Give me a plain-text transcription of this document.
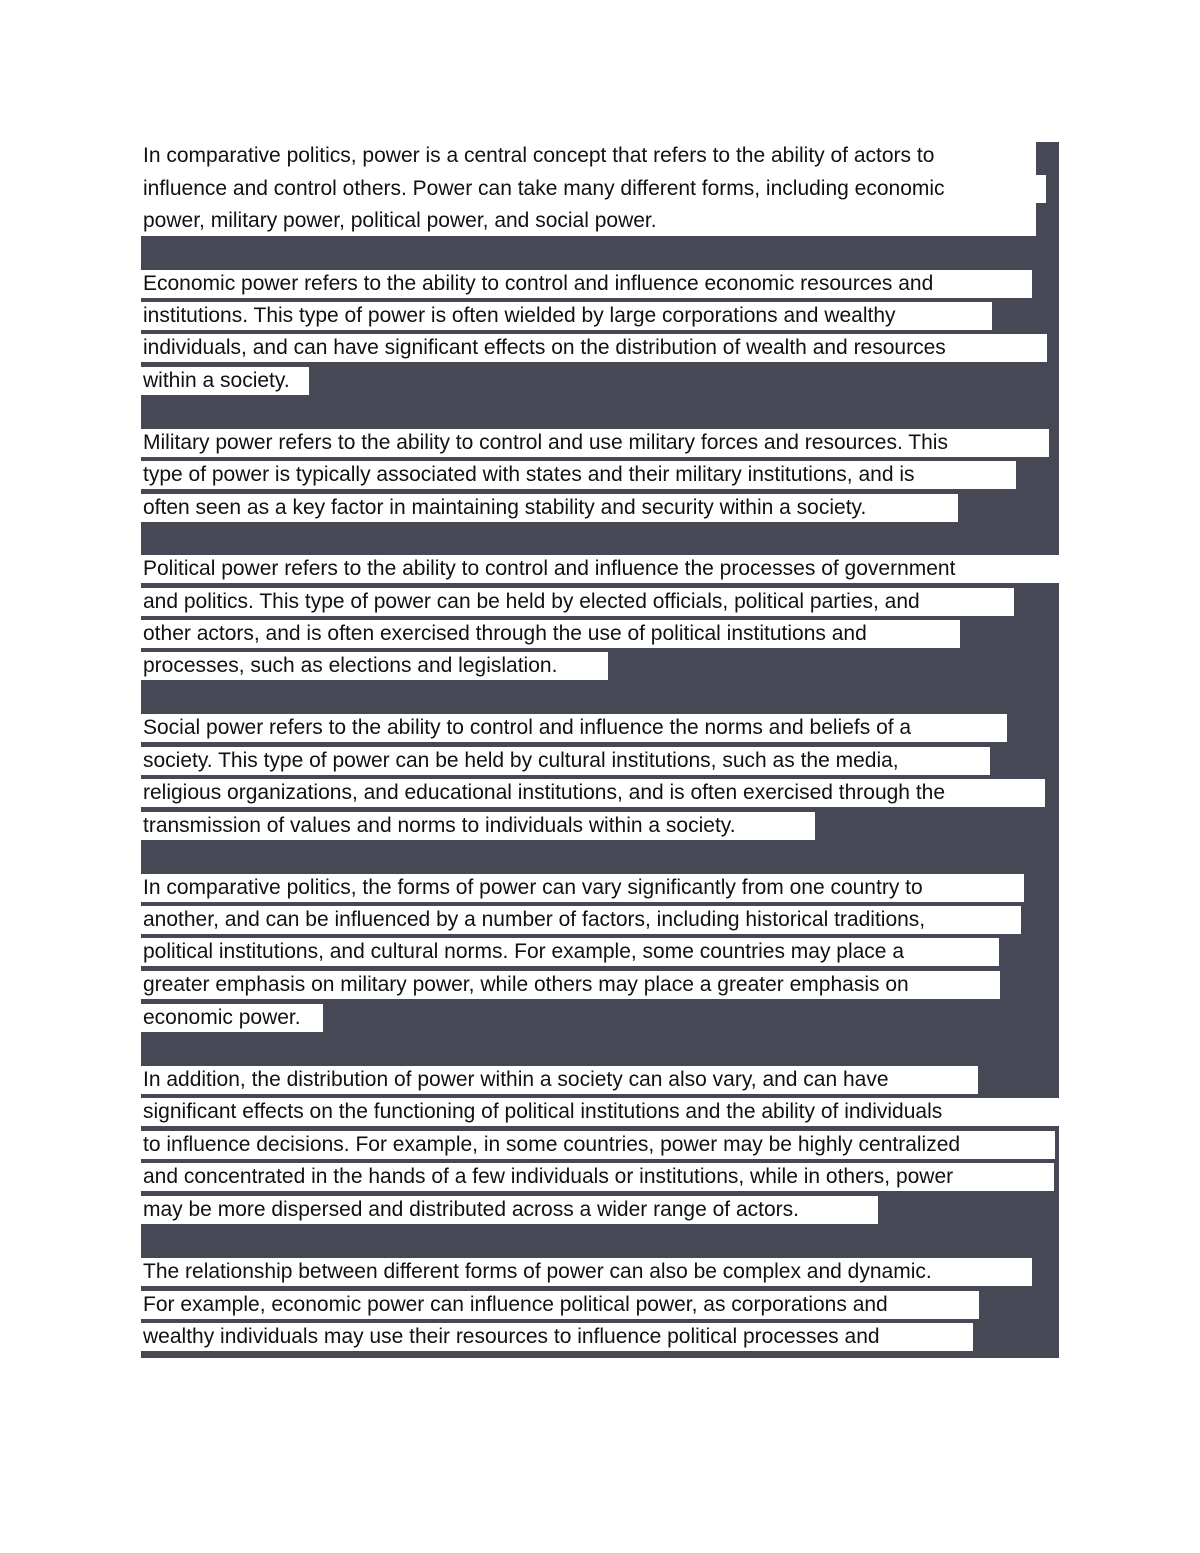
In comparative politics, power is a central concept that refers to the ability of actors to
influence and control others. Power can take many different forms, including economic
power, military power, political power, and social power.
Economic power refers to the ability to control and influence economic resources and
institutions. This type of power is often wielded by large corporations and wealthy
individuals, and can have significant effects on the distribution of wealth and resources
within a society.
Military power refers to the ability to control and use military forces and resources. This
type of power is typically associated with states and their military institutions, and is
often seen as a key factor in maintaining stability and security within a society.
Political power refers to the ability to control and influence the processes of government
and politics. This type of power can be held by elected officials, political parties, and
other actors, and is often exercised through the use of political institutions and
processes, such as elections and legislation.
Social power refers to the ability to control and influence the norms and beliefs of a
society. This type of power can be held by cultural institutions, such as the media,
religious organizations, and educational institutions, and is often exercised through the
transmission of values and norms to individuals within a society.
In comparative politics, the forms of power can vary significantly from one country to
another, and can be influenced by a number of factors, including historical traditions,
political institutions, and cultural norms. For example, some countries may place a
greater emphasis on military power, while others may place a greater emphasis on
economic power.
In addition, the distribution of power within a society can also vary, and can have
significant effects on the functioning of political institutions and the ability of individuals
to influence decisions. For example, in some countries, power may be highly centralized
and concentrated in the hands of a few individuals or institutions, while in others, power
may be more dispersed and distributed across a wider range of actors.
The relationship between different forms of power can also be complex and dynamic.
For example, economic power can influence political power, as corporations and
wealthy individuals may use their resources to influence political processes and
